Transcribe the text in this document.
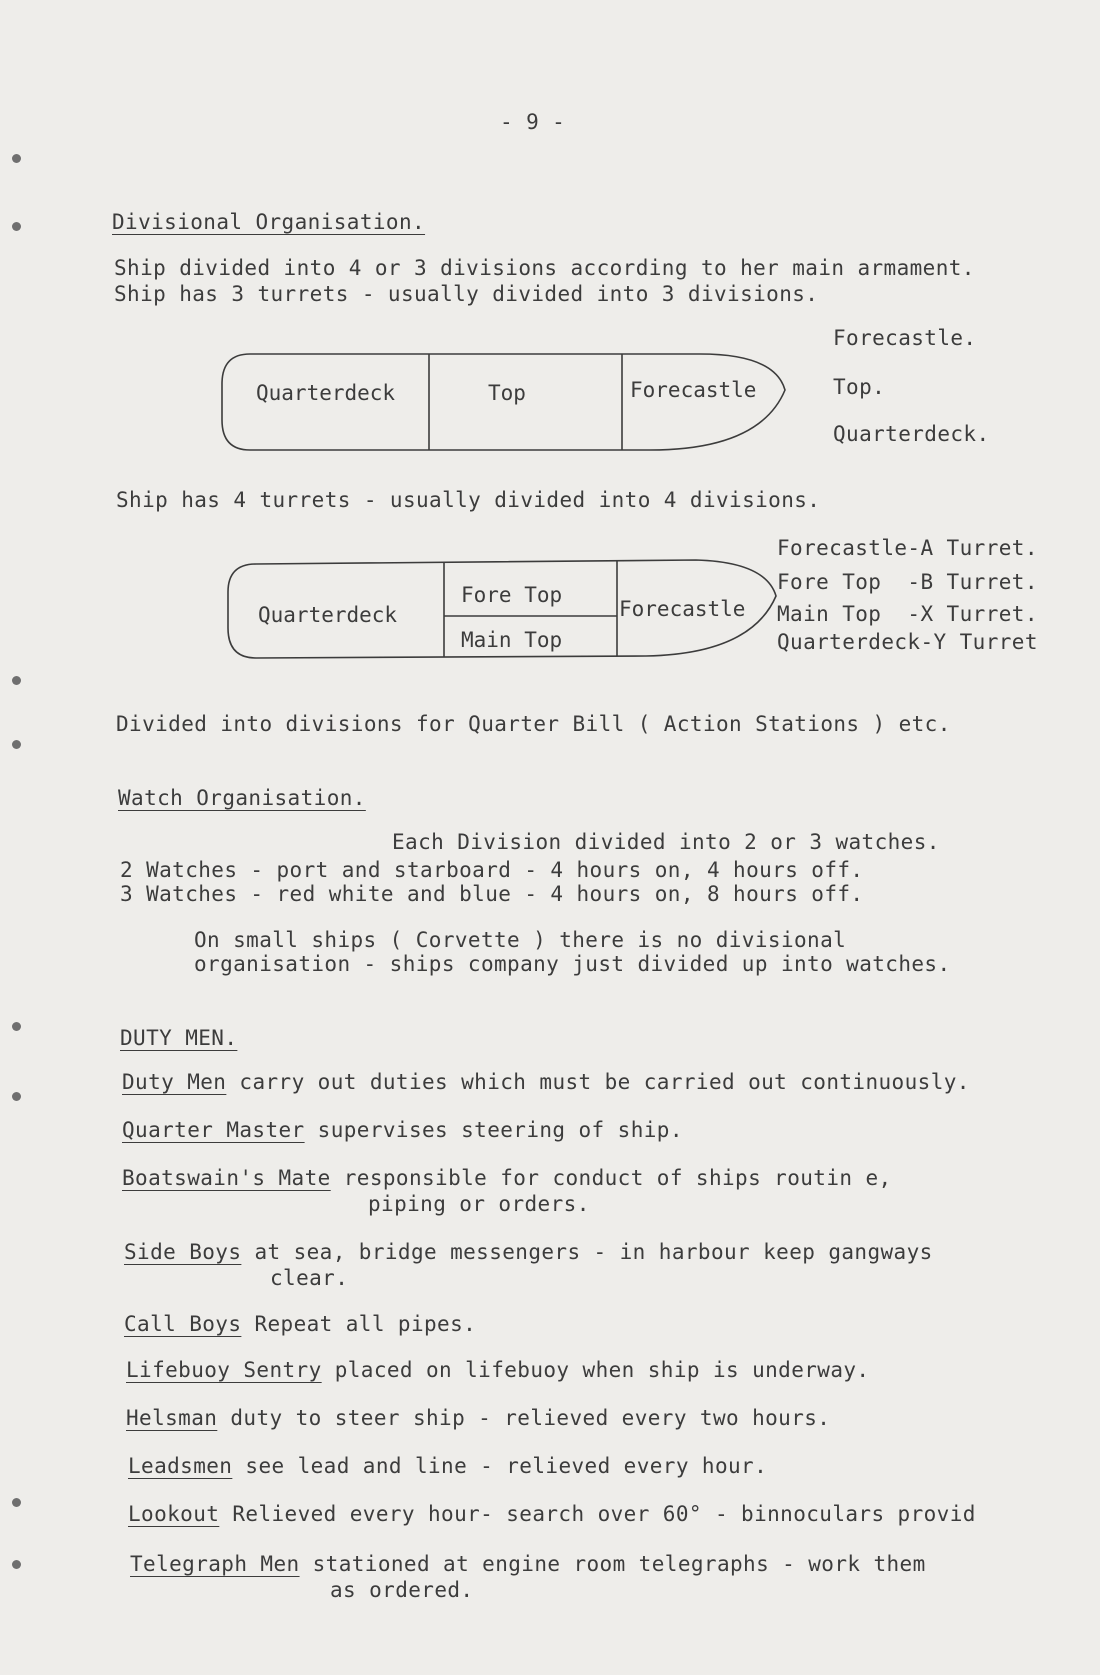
- 9 -
Divisional Organisation.
Ship divided into 4 or 3 divisions according to her main armament.
Ship has 3 turrets - usually divided into 3 divisions.
Quarterdeck	Top	Forecastle
Forecastle.
Top.
Quarterdeck.
Ship has 4 turrets - usually divided into 4 divisions.
Quarterdeck
Fore Top
Main Top
Forecastle
Forecastle-A Turret.
Fore Top  -B Turret.
Main Top  -X Turret.
Quarterdeck-Y Turret
Divided into divisions for Quarter Bill ( Action Stations ) etc.
Watch Organisation.
Each Division divided into 2 or 3 watches.
2 Watches - port and starboard - 4 hours on, 4 hours off.
3 Watches - red white and blue - 4 hours on, 8 hours off.
On small ships ( Corvette ) there is no divisional
organisation - ships company just divided up into watches.
DUTY MEN.
Duty Men carry out duties which must be carried out continuously.
Quarter Master supervises steering of ship.
Boatswain's Mate responsible for conduct of ships routin e,
piping or orders.
Side Boys at sea, bridge messengers - in harbour keep gangways
clear.
Call Boys Repeat all pipes.
Lifebuoy Sentry placed on lifebuoy when ship is underway.
Helsman duty to steer ship - relieved every two hours.
Leadsmen see lead and line - relieved every hour.
Lookout Relieved every hour- search over 60° - binnoculars provid
Telegraph Men stationed at engine room telegraphs - work them
as ordered.
